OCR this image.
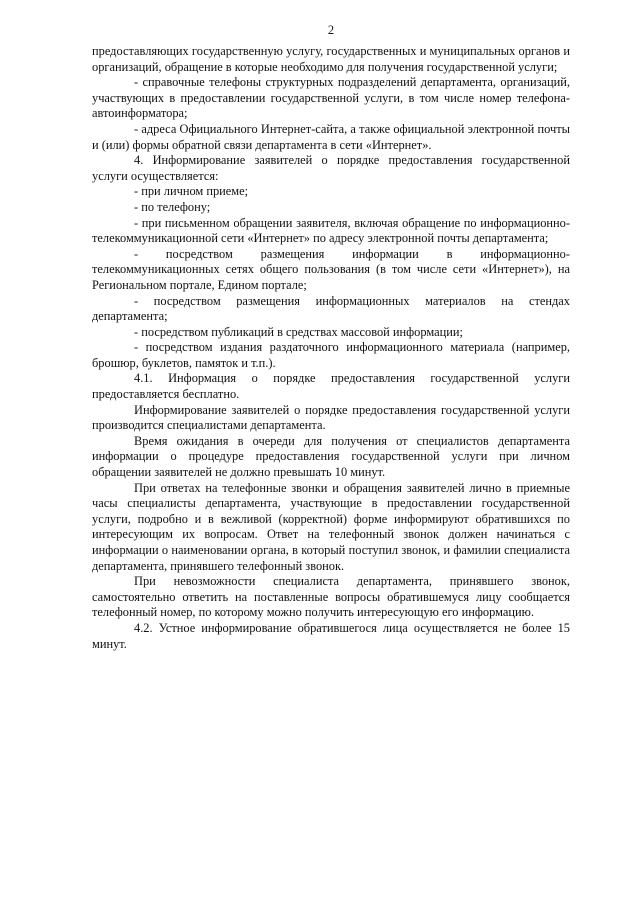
2

предоставляющих государственную услугу, государственных и муниципальных органов и организаций, обращение в которые необходимо для получения государственной услуги;

- справочные телефоны структурных подразделений департамента, организаций, участвующих в предоставлении государственной услуги, в том числе номер телефона-автоинформатора;

- адреса Официального Интернет-сайта, а также официальной электронной почты и (или) формы обратной связи департамента в сети «Интернет».

4. Информирование заявителей о порядке предоставления государственной услуги осуществляется:

- при личном приеме;

- по телефону;

- при письменном обращении заявителя, включая обращение по информационно-телекоммуникационной сети «Интернет» по адресу электронной почты департамента;

- посредством размещения информации в информационно-телекоммуникационных сетях общего пользования (в том числе сети «Интернет»), на Региональном портале, Едином портале;

- посредством размещения информационных материалов на стендах департамента;

- посредством публикаций в средствах массовой информации;

- посредством издания раздаточного информационного материала (например, брошюр, буклетов, памяток и т.п.).

4.1. Информация о порядке предоставления государственной услуги предоставляется бесплатно.

Информирование заявителей о порядке предоставления государственной услуги производится специалистами департамента.

Время ожидания в очереди для получения от специалистов департамента информации о процедуре предоставления государственной услуги при личном обращении заявителей не должно превышать 10 минут.

При ответах на телефонные звонки и обращения заявителей лично в приемные часы специалисты департамента, участвующие в предоставлении государственной услуги, подробно и в вежливой (корректной) форме информируют обратившихся по интересующим их вопросам. Ответ на телефонный звонок должен начинаться с информации о наименовании органа, в который поступил звонок, и фамилии специалиста департамента, принявшего телефонный звонок.

При невозможности специалиста департамента, принявшего звонок, самостоятельно ответить на поставленные вопросы обратившемуся лицу сообщается телефонный номер, по которому можно получить интересующую его информацию.

4.2. Устное информирование обратившегося лица осуществляется не более 15 минут.
